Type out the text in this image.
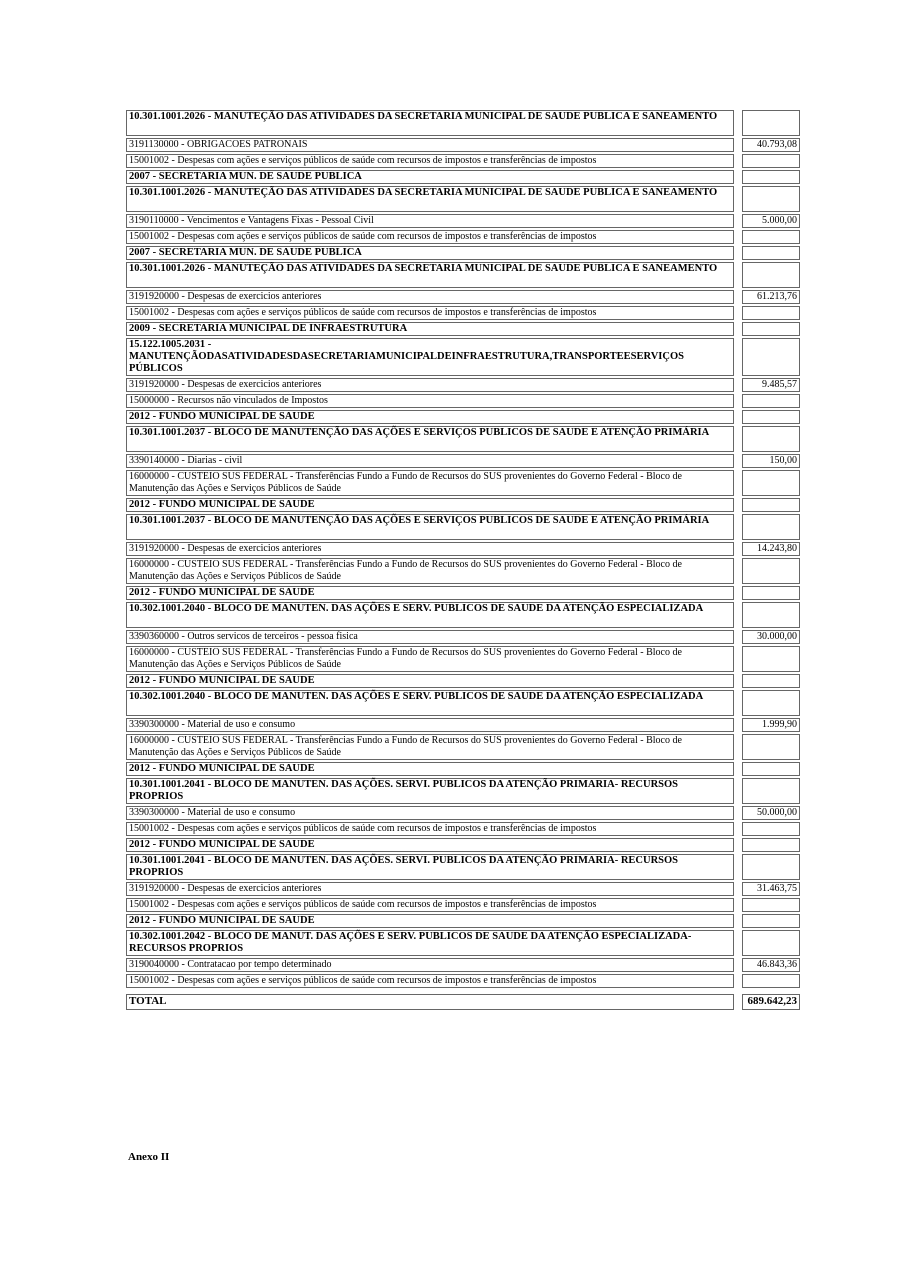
10.301.1001.2026 - MANUTEÇÃO DAS ATIVIDADES DA SECRETARIA MUNICIPAL DE SAUDE PUBLICA E SANEAMENTO		
3191130000 - OBRIGACOES PATRONAIS		40.793,08
15001002 - Despesas com ações e serviços públicos de saúde com recursos de impostos e transferências de impostos		
2007 - SECRETARIA MUN. DE SAUDE PUBLICA		
10.301.1001.2026 - MANUTEÇÃO DAS ATIVIDADES DA SECRETARIA MUNICIPAL DE SAUDE PUBLICA E SANEAMENTO		
3190110000 - Vencimentos e Vantagens Fixas - Pessoal Civil		5.000,00
15001002 - Despesas com ações e serviços públicos de saúde com recursos de impostos e transferências de impostos		
2007 - SECRETARIA MUN. DE SAUDE PUBLICA		
10.301.1001.2026 - MANUTEÇÃO DAS ATIVIDADES DA SECRETARIA MUNICIPAL DE SAUDE PUBLICA E SANEAMENTO		
3191920000 - Despesas de exercicios anteriores		61.213,76
15001002 - Despesas com ações e serviços públicos de saúde com recursos de impostos e transferências de impostos		
2009 - SECRETARIA MUNICIPAL DE INFRAESTRUTURA		
15.122.1005.2031 - MANUTENÇÃODASATIVIDADESDASECRETARIAMUNICIPALDEINFRAESTRUTURA,TRANSPORTEESERVIÇOS PÚBLICOS		
3191920000 - Despesas de exercicios anteriores		9.485,57
15000000 - Recursos não vinculados de Impostos		
2012 - FUNDO MUNICIPAL DE SAUDE		
10.301.1001.2037 - BLOCO DE MANUTENÇÃO DAS AÇÕES E SERVIÇOS PUBLICOS DE SAUDE E ATENÇÃO PRIMÁRIA		
3390140000 - Diarias - civil		150,00
16000000 - CUSTEIO SUS FEDERAL - Transferências Fundo a Fundo de Recursos do SUS provenientes do Governo Federal - Bloco de Manutenção das Ações e Serviços Públicos de Saúde		
2012 - FUNDO MUNICIPAL DE SAUDE		
10.301.1001.2037 - BLOCO DE MANUTENÇÃO DAS AÇÕES E SERVIÇOS PUBLICOS DE SAUDE E ATENÇÃO PRIMÁRIA		
3191920000 - Despesas de exercicios anteriores		14.243,80
16000000 - CUSTEIO SUS FEDERAL - Transferências Fundo a Fundo de Recursos do SUS provenientes do Governo Federal - Bloco de Manutenção das Ações e Serviços Públicos de Saúde		
2012 - FUNDO MUNICIPAL DE SAUDE		
10.302.1001.2040 - BLOCO DE MANUTEN. DAS AÇÕES E SERV. PUBLICOS DE SAUDE DA ATENÇÃO ESPECIALIZADA		
3390360000 - Outros servicos de terceiros - pessoa fisica		30.000,00
16000000 - CUSTEIO SUS FEDERAL - Transferências Fundo a Fundo de Recursos do SUS provenientes do Governo Federal - Bloco de Manutenção das Ações e Serviços Públicos de Saúde		
2012 - FUNDO MUNICIPAL DE SAUDE		
10.302.1001.2040 - BLOCO DE MANUTEN. DAS AÇÕES E SERV. PUBLICOS DE SAUDE DA ATENÇÃO ESPECIALIZADA		
3390300000 - Material de uso e consumo		1.999,90
16000000 - CUSTEIO SUS FEDERAL - Transferências Fundo a Fundo de Recursos do SUS provenientes do Governo Federal - Bloco de Manutenção das Ações e Serviços Públicos de Saúde		
2012 - FUNDO MUNICIPAL DE SAUDE		
10.301.1001.2041 - BLOCO DE MANUTEN. DAS AÇÕES. SERVI. PUBLICOS DA ATENÇÃO PRIMARIA- RECURSOS PROPRIOS		
3390300000 - Material de uso e consumo		50.000,00
15001002 - Despesas com ações e serviços públicos de saúde com recursos de impostos e transferências de impostos		
2012 - FUNDO MUNICIPAL DE SAUDE		
10.301.1001.2041 - BLOCO DE MANUTEN. DAS AÇÕES. SERVI. PUBLICOS DA ATENÇÃO PRIMARIA- RECURSOS PROPRIOS		
3191920000 - Despesas de exercicios anteriores		31.463,75
15001002 - Despesas com ações e serviços públicos de saúde com recursos de impostos e transferências de impostos		
2012 - FUNDO MUNICIPAL DE SAUDE		
10.302.1001.2042 - BLOCO DE MANUT. DAS AÇÕES E SERV. PUBLICOS DE SAUDE DA ATENÇÃO ESPECIALIZADA- RECURSOS PROPRIOS		
3190040000 - Contratacao por tempo determinado		46.843,36
15001002 - Despesas com ações e serviços públicos de saúde com recursos de impostos e transferências de impostos		

TOTAL		689.642,23
Anexo II
